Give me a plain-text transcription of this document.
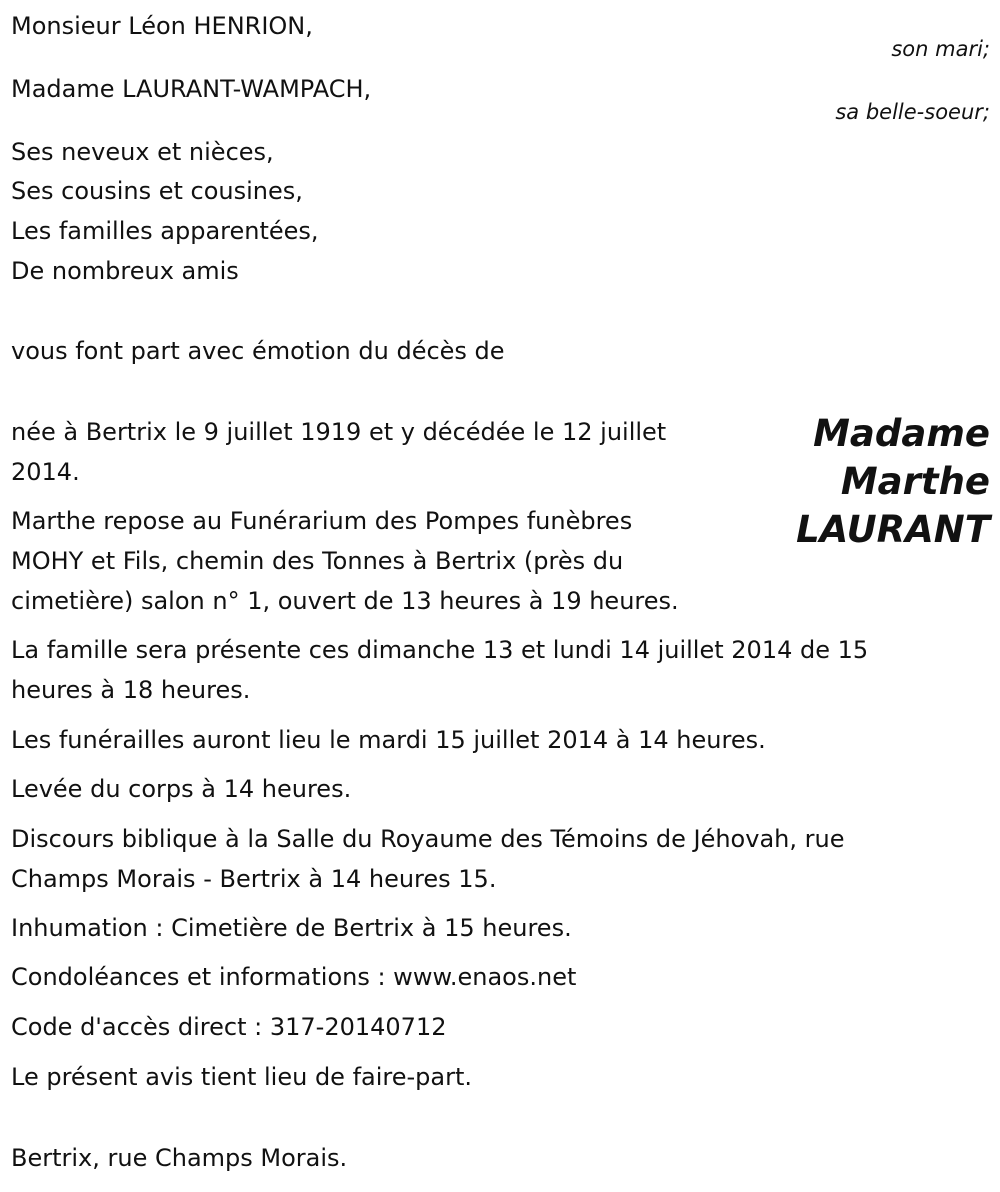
Monsieur Léon HENRION,

son mari;

Madame LAURANT-WAMPACH,

sa belle-soeur;

Ses neveux et nièces,

Ses cousins et cousines,

Les familles apparentées,

De nombreux amis

vous font part avec émotion du décès de

Madame
Marthe
LAURANT

née à Bertrix le 9 juillet 1919 et y décédée le 12 juillet

2014.

Marthe repose au Funérarium des Pompes funèbres

MOHY et Fils, chemin des Tonnes à Bertrix (près du

cimetière) salon n° 1, ouvert de 13 heures à 19 heures.

La famille sera présente ces dimanche 13 et lundi 14 juillet 2014 de 15

heures à 18 heures.

Les funérailles auront lieu le mardi 15 juillet 2014 à 14 heures.

Levée du corps à 14 heures.

Discours biblique à la Salle du Royaume des Témoins de Jéhovah, rue

Champs Morais - Bertrix à 14 heures 15.

Inhumation : Cimetière de Bertrix à 15 heures.

Condoléances et informations : www.enaos.net

Code d'accès direct : 317-20140712

Le présent avis tient lieu de faire-part.

Bertrix, rue Champs Morais.
